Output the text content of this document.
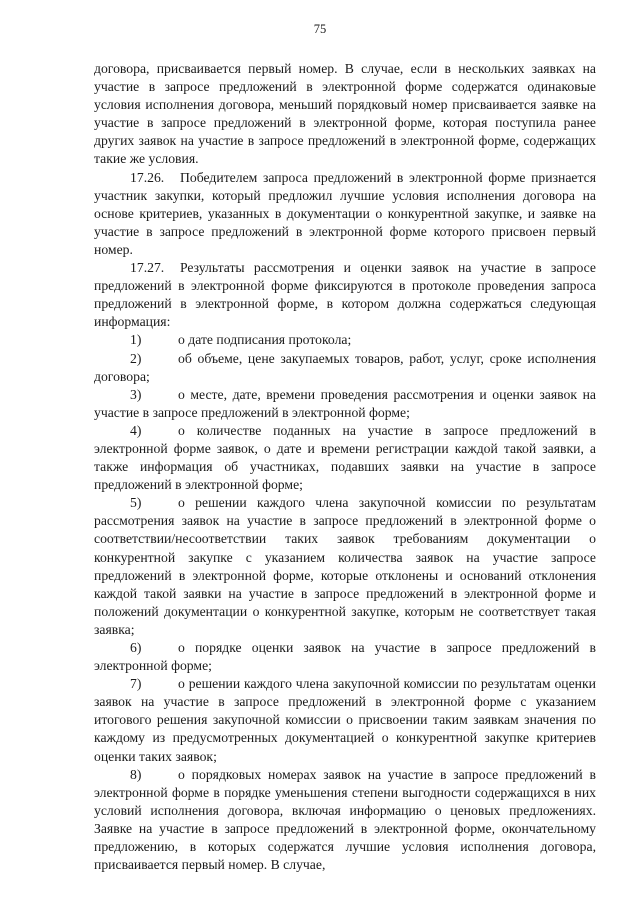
75

договора, присваивается первый номер. В случае, если в нескольких заявках на участие в запросе предложений в электронной форме содержатся одинаковые условия исполнения договора, меньший порядковый номер присваивается заявке на участие в запросе предложений в электронной форме, которая поступила ранее других заявок на участие в запросе предложений в электронной форме, содержащих такие же условия.

17.26. Победителем запроса предложений в электронной форме признается участник закупки, который предложил лучшие условия исполнения договора на основе критериев, указанных в документации о конкурентной закупке, и заявке на участие в запросе предложений в электронной форме которого присвоен первый номер.

17.27. Результаты рассмотрения и оценки заявок на участие в запросе предложений в электронной форме фиксируются в протоколе проведения запроса предложений в электронной форме, в котором должна содержаться следующая информация:

1)	о дате подписания протокола;

2)	об объеме, цене закупаемых товаров, работ, услуг, сроке исполнения договора;

3)	о месте, дате, времени проведения рассмотрения и оценки заявок на участие в запросе предложений в электронной форме;

4)	о количестве поданных на участие в запросе предложений в электронной форме заявок, о дате и времени регистрации каждой такой заявки, а также информация об участниках, подавших заявки на участие в запросе предложений в электронной форме;

5)	о решении каждого члена закупочной комиссии по результатам рассмотрения заявок на участие в запросе предложений в электронной форме о соответствии/несоответствии таких заявок требованиям документации о конкурентной закупке с указанием количества заявок на участие запросе предложений в электронной форме, которые отклонены и оснований отклонения каждой такой заявки на участие в запросе предложений в электронной форме и положений документации о конкурентной закупке, которым не соответствует такая заявка;

6)	о порядке оценки заявок на участие в запросе предложений в электронной форме;

7)	о решении каждого члена закупочной комиссии по результатам оценки заявок на участие в запросе предложений в электронной форме с указанием итогового решения закупочной комиссии о присвоении таким заявкам значения по каждому из предусмотренных документацией о конкурентной закупке критериев оценки таких заявок;

8)	о порядковых номерах заявок на участие в запросе предложений в электронной форме в порядке уменьшения степени выгодности содержащихся в них условий исполнения договора, включая информацию о ценовых предложениях. Заявке на участие в запросе предложений в электронной форме, окончательному предложению, в которых содержатся лучшие условия исполнения договора, присваивается первый номер. В случае,
